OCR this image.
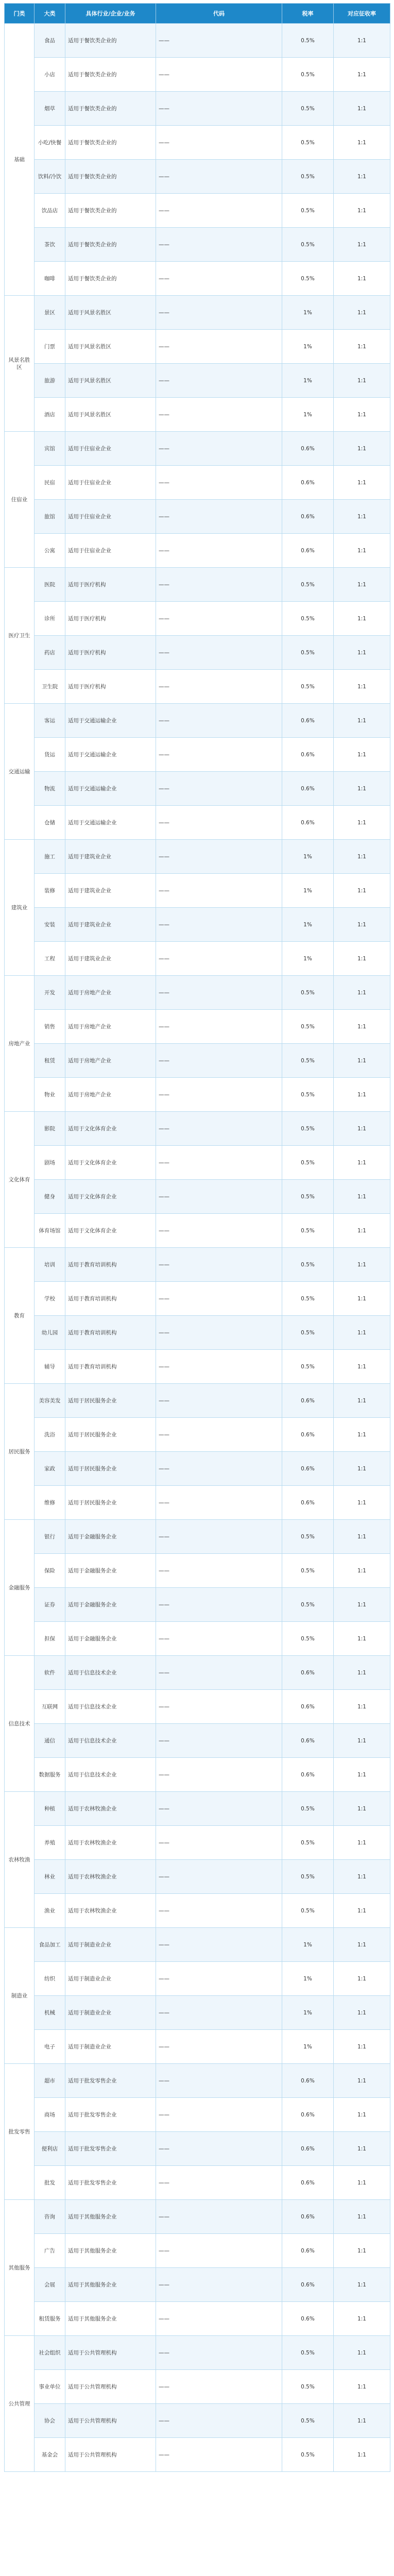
门类	大类	具体行业/企业/业务	代码	税率	对应征收率
基础	食品	适用于餐饮类企业的	——	0.5%	1:1
	小店	适用于餐饮类企业的	——	0.5%	1:1
	烟草	适用于餐饮类企业的	——	0.5%	1:1
	小吃/快餐	适用于餐饮类企业的	——	0.5%	1:1
	饮料/冷饮	适用于餐饮类企业的	——	0.5%	1:1
	饮品店	适用于餐饮类企业的	——	0.5%	1:1
	茶饮	适用于餐饮类企业的	——	0.5%	1:1
	咖啡	适用于餐饮类企业的	——	0.5%	1:1
风景名胜区	景区	适用于风景名胜区	——	1%	1:1
	门票	适用于风景名胜区	——	1%	1:1
	旅游	适用于风景名胜区	——	1%	1:1
	酒店	适用于风景名胜区	——	1%	1:1
住宿业	宾馆	适用于住宿业企业	——	0.6%	1:1
	民宿	适用于住宿业企业	——	0.6%	1:1
	旅馆	适用于住宿业企业	——	0.6%	1:1
	公寓	适用于住宿业企业	——	0.6%	1:1
医疗卫生	医院	适用于医疗机构	——	0.5%	1:1
	诊所	适用于医疗机构	——	0.5%	1:1
	药店	适用于医疗机构	——	0.5%	1:1
	卫生院	适用于医疗机构	——	0.5%	1:1
交通运输	客运	适用于交通运输企业	——	0.6%	1:1
	货运	适用于交通运输企业	——	0.6%	1:1
	物流	适用于交通运输企业	——	0.6%	1:1
	仓储	适用于交通运输企业	——	0.6%	1:1
建筑业	施工	适用于建筑业企业	——	1%	1:1
	装修	适用于建筑业企业	——	1%	1:1
	安装	适用于建筑业企业	——	1%	1:1
	工程	适用于建筑业企业	——	1%	1:1
房地产业	开发	适用于房地产企业	——	0.5%	1:1
	销售	适用于房地产企业	——	0.5%	1:1
	租赁	适用于房地产企业	——	0.5%	1:1
	物业	适用于房地产企业	——	0.5%	1:1
文化体育	影院	适用于文化体育企业	——	0.5%	1:1
	剧场	适用于文化体育企业	——	0.5%	1:1
	健身	适用于文化体育企业	——	0.5%	1:1
	体育场馆	适用于文化体育企业	——	0.5%	1:1
教育	培训	适用于教育培训机构	——	0.5%	1:1
	学校	适用于教育培训机构	——	0.5%	1:1
	幼儿园	适用于教育培训机构	——	0.5%	1:1
	辅导	适用于教育培训机构	——	0.5%	1:1
居民服务	美容美发	适用于居民服务企业	——	0.6%	1:1
	洗浴	适用于居民服务企业	——	0.6%	1:1
	家政	适用于居民服务企业	——	0.6%	1:1
	维修	适用于居民服务企业	——	0.6%	1:1
金融服务	银行	适用于金融服务企业	——	0.5%	1:1
	保险	适用于金融服务企业	——	0.5%	1:1
	证券	适用于金融服务企业	——	0.5%	1:1
	担保	适用于金融服务企业	——	0.5%	1:1
信息技术	软件	适用于信息技术企业	——	0.6%	1:1
	互联网	适用于信息技术企业	——	0.6%	1:1
	通信	适用于信息技术企业	——	0.6%	1:1
	数据服务	适用于信息技术企业	——	0.6%	1:1
农林牧渔	种植	适用于农林牧渔企业	——	0.5%	1:1
	养殖	适用于农林牧渔企业	——	0.5%	1:1
	林业	适用于农林牧渔企业	——	0.5%	1:1
	渔业	适用于农林牧渔企业	——	0.5%	1:1
制造业	食品加工	适用于制造业企业	——	1%	1:1
	纺织	适用于制造业企业	——	1%	1:1
	机械	适用于制造业企业	——	1%	1:1
	电子	适用于制造业企业	——	1%	1:1
批发零售	超市	适用于批发零售企业	——	0.6%	1:1
	商场	适用于批发零售企业	——	0.6%	1:1
	便利店	适用于批发零售企业	——	0.6%	1:1
	批发	适用于批发零售企业	——	0.6%	1:1
其他服务	咨询	适用于其他服务企业	——	0.6%	1:1
	广告	适用于其他服务企业	——	0.6%	1:1
	会展	适用于其他服务企业	——	0.6%	1:1
	租赁服务	适用于其他服务企业	——	0.6%	1:1
公共管理	社会组织	适用于公共管理机构	——	0.5%	1:1
	事业单位	适用于公共管理机构	——	0.5%	1:1
	协会	适用于公共管理机构	——	0.5%	1:1
	基金会	适用于公共管理机构	——	0.5%	1:1
